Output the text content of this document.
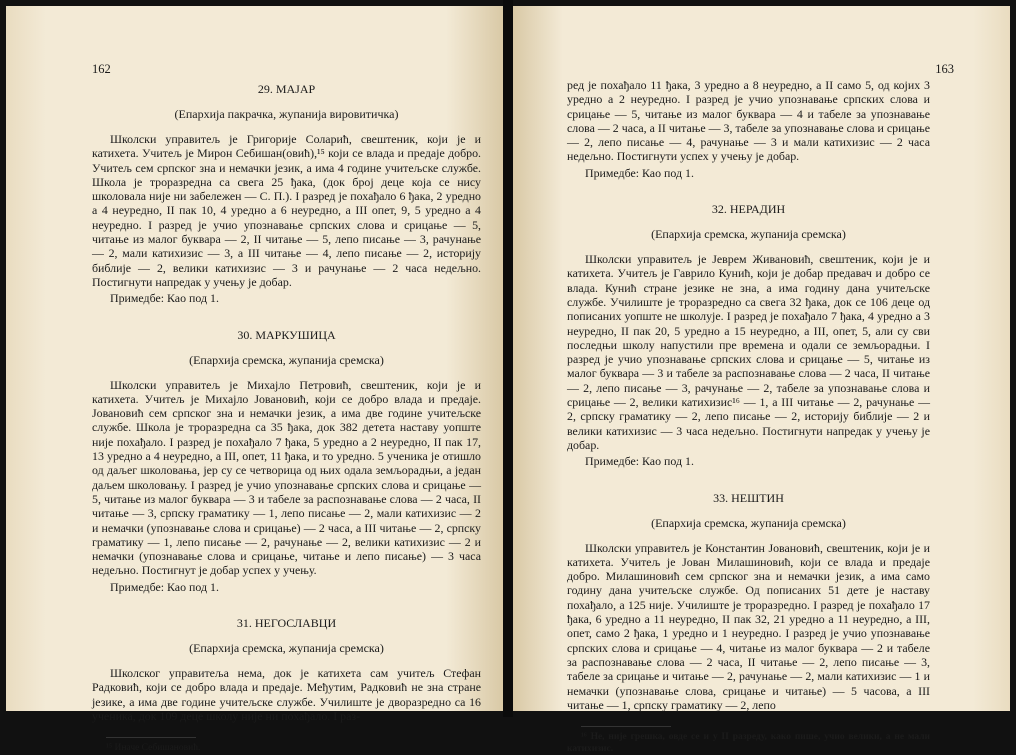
162
29. МАЈАР
(Епархија пакрачка, жупанија вировитичка)

Школски управитељ је Григорије Соларић, свештеник, који је и катихета. Учитељ је Мирон Себишан(овић),¹⁵ који се влада и предаје добро. Учитељ сем српског зна и немачки језик, а има 4 године учитељске службе. Школа је троразредна са свега 25 ђака, (док број деце која се нису школовала није ни забележен — С. П.). I разред је похађало 6 ђака, 2 уредно а 4 неуредно, II пак 10, 4 уредно а 6 неуредно, а III опет, 9, 5 уредно а 4 неуредно. I разред је учио упознавање српских слова и срицање — 5, читање из малог буквара — 2, II читање — 5, лепо писање — 3, рачунање — 2, мали катихизис — 3, а III читање — 4, лепо писање — 2, историју библије — 2, велики катихизис — 3 и рачунање — 2 часа недељно. Постигнути напредак у учењу је добар.

Примедбе: Као под 1.

30. МАРКУШИЦА
(Епархија сремска, жупанија сремска)

Школски управитељ је Михајло Петровић, свештеник, који је и катихета. Учитељ је Михајло Јовановић, који се добро влада и предаје. Јовановић сем српског зна и немачки језик, а има две године учитељске службе. Школа је троразредна са 35 ђака, док 382 детета наставу уопште није похађало. I разред је похађало 7 ђака, 5 уредно а 2 неуредно, II пак 17, 13 уредно а 4 неуредно, а III, опет, 11 ђака, и то уредно. 5 ученика је отишло од даљег школовања, јер су се четворица од њих одала земљорадњи, а један даљем школовању. I разред је учио упознавање српских слова и срицање — 5, читање из малог буквара — 3 и табеле за распознавање слова — 2 часа, II читање — 3, српску граматику — 1, лепо писање — 2, мали катихизис — 2 и немачки (упознавање слова и срицање) — 2 часа, а III читање — 2, српску граматику — 1, лепо писање — 2, рачунање — 2, велики катихизис — 2 и немачки (упознавање слова и срицање, читање и лепо писање) — 3 часа недељно. Постигнут је добар успех у учењу.

Примедбе: Као под 1.

31. НЕГОСЛАВЦИ
(Епархија сремска, жупанија сремска)

Школског управитеља нема, док је катихета сам учитељ Стефан Радковић, који се добро влада и предаје. Међутим, Радковић не зна стране језике, а има две године учитељске службе. Училиште је дворазредно са 16 ученика, док 109 деце школу није ни похађало. I раз-

¹⁵ Иначе Себишановић.

163

ред је похађало 11 ђака, 3 уредно а 8 неуредно, а II само 5, од којих 3 уредно а 2 неуредно. I разред је учио упознавање српских слова и срицање — 5, читање из малог буквара — 4 и табеле за упознавање слова — 2 часа, а II читање — 3, табеле за упознавање слова и срицање — 2, лепо писање — 4, рачунање — 3 и мали катихизис — 2 часа недељно. Постигнути успех у учењу је добар.

Примедбе: Као под 1.

32. НЕРАДИН
(Епархија сремска, жупанија сремска)

Школски управитељ је Јеврем Живановић, свештеник, који је и катихета. Учитељ је Гаврило Кунић, који је добар предавач и добро се влада. Кунић стране језике не зна, а има годину дана учитељске службе. Училиште је троразредно са свега 32 ђака, док се 106 деце од пописаних уопште не школује. I разред је похађало 7 ђака, 4 уредно а 3 неуредно, II пак 20, 5 уредно а 15 неуредно, а III, опет, 5, али су сви последњи школу напустили пре времена и одали се земљорадњи. I разред је учио упознавање српских слова и срицање — 5, читање из малог буквара — 3 и табеле за распознавање слова — 2 часа, II читање — 2, лепо писање — 3, рачунање — 2, табеле за упознавање слова и срицање — 2, велики катихизис¹⁶ — 1, а III читање — 2, рачунање — 2, српску граматику — 2, лепо писање — 2, историју библије — 2 и велики катихизис — 3 часа недељно. Постигнути напредак у учењу је добар.

Примедбе: Као под 1.

33. НЕШТИН
(Епархија сремска, жупанија сремска)

Школски управитељ је Константин Јовановић, свештеник, који је и катихета. Учитељ је Јован Милашиновић, који се влада и предаје добро. Милашиновић сем српског зна и немачки језик, а има само годину дана учитељске службе. Од пописаних 51 дете је наставу похађало, а 125 није. Училиште је троразредно. I разред је похађало 17 ђака, 6 уредно а 11 неуредно, II пак 32, 21 уредно а 11 неуредно, а III, опет, само 2 ђака, 1 уредно и 1 неуредно. I разред је учио упознавање српских слова и срицање — 4, читање из малог буквара — 2 и табеле за распознавање слова — 2 часа, II читање — 2, лепо писање — 3, табеле за срицање и читање — 2, рачунање — 2, мали катихизис — 1 и немачки (упознавање слова, срицање и читање) — 5 часова, а III читање — 1, српску граматику — 2, лепо

¹⁶ Не, није грешка, овде се и у II разреду, како пише, учио велики, а не мали катихизис.
